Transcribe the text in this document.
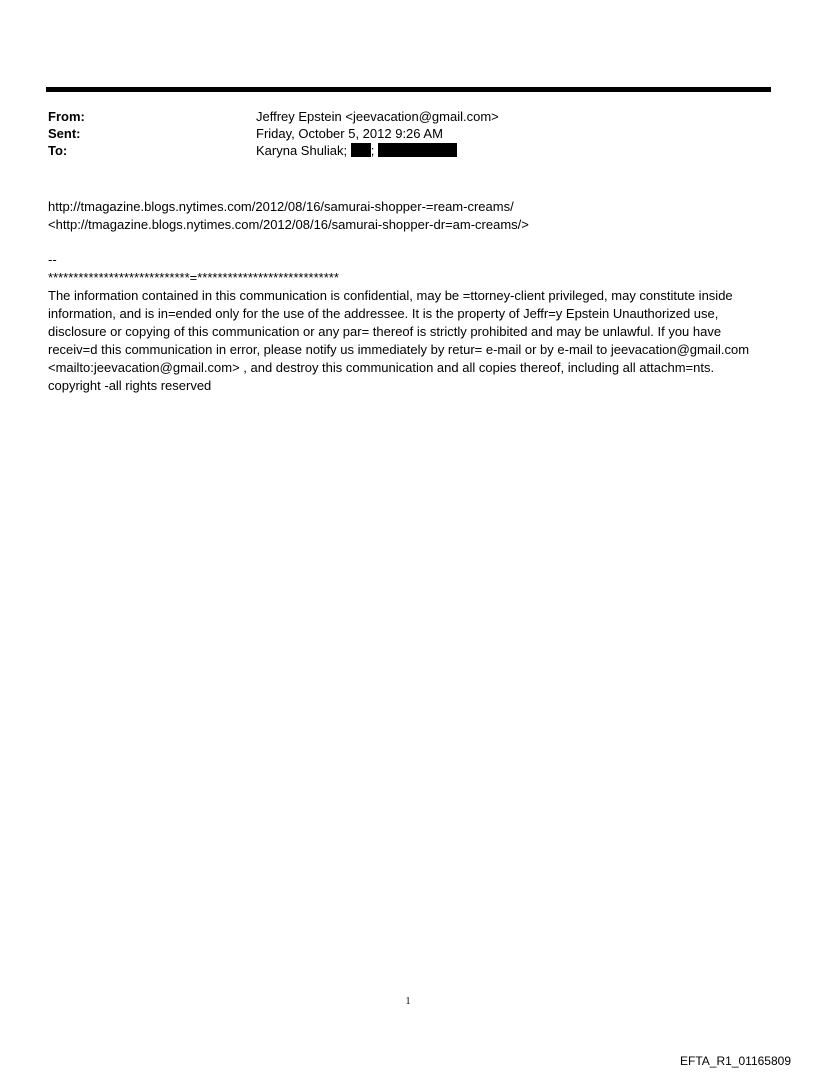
From:	Jeffrey Epstein <jeevacation@gmail.com>
Sent:	Friday, October 5, 2012 9:26 AM
To:	Karyna Shuliak; ;
http://tmagazine.blogs.nytimes.com/2012/08/16/samurai-shopper-=ream-creams/
<http://tmagazine.blogs.nytimes.com/2012/08/16/samurai-shopper-dr=am-creams/>
--
****************************=****************************

The information contained in this communication is confidential, may be =ttorney-client privileged, may constitute inside information, and is in=ended only for the use of the addressee. It is the property of Jeffr=y Epstein Unauthorized use, disclosure or copying of this communication or any par= thereof is strictly prohibited and may be unlawful. If you have receiv=d this communication in error, please notify us immediately by retur= e-mail or by e-mail to jeevacation@gmail.com <mailto:jeevacation@gmail.com> , and destroy this communication and all copies thereof, including all attachm=nts. copyright -all rights reserved

1
EFTA_R1_01165809
